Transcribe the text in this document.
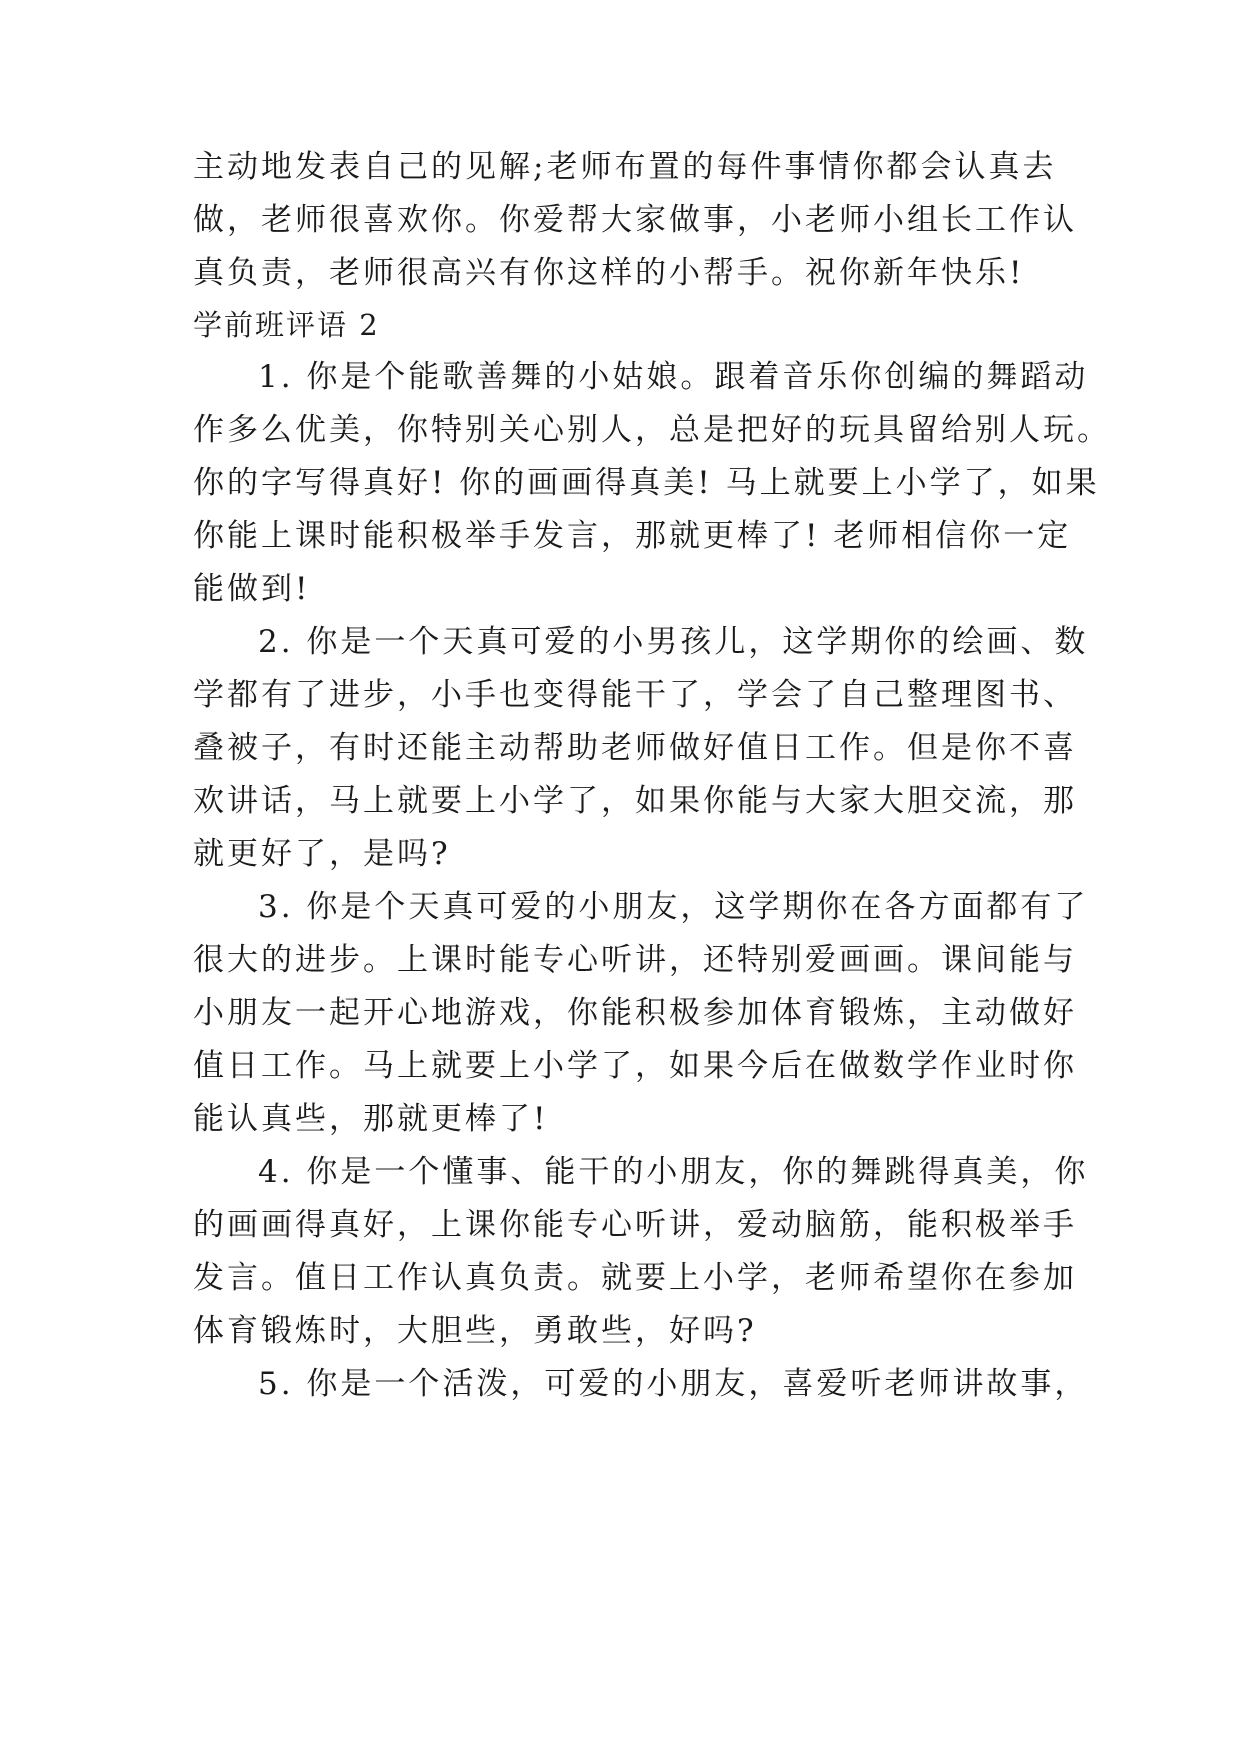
主动地发表自己的见解;老师布置的每件事情你都会认真去
做，老师很喜欢你。你爱帮大家做事，小老师小组长工作认
真负责，老师很高兴有你这样的小帮手。祝你新年快乐!
学前班评语 2
1. 你是个能歌善舞的小姑娘。跟着音乐你创编的舞蹈动
作多么优美，你特别关心别人，总是把好的玩具留给别人玩。
你的字写得真好! 你的画画得真美! 马上就要上小学了，如果
你能上课时能积极举手发言，那就更棒了! 老师相信你一定
能做到!
2. 你是一个天真可爱的小男孩儿，这学期你的绘画、数
学都有了进步，小手也变得能干了，学会了自己整理图书、
叠被子，有时还能主动帮助老师做好值日工作。但是你不喜
欢讲话，马上就要上小学了，如果你能与大家大胆交流，那
就更好了，是吗?
3. 你是个天真可爱的小朋友，这学期你在各方面都有了
很大的进步。上课时能专心听讲，还特别爱画画。课间能与
小朋友一起开心地游戏，你能积极参加体育锻炼，主动做好
值日工作。马上就要上小学了，如果今后在做数学作业时你
能认真些，那就更棒了!
4. 你是一个懂事、能干的小朋友，你的舞跳得真美，你
的画画得真好，上课你能专心听讲，爱动脑筋，能积极举手
发言。值日工作认真负责。就要上小学，老师希望你在参加
体育锻炼时，大胆些，勇敢些，好吗?
5. 你是一个活泼，可爱的小朋友，喜爱听老师讲故事，
